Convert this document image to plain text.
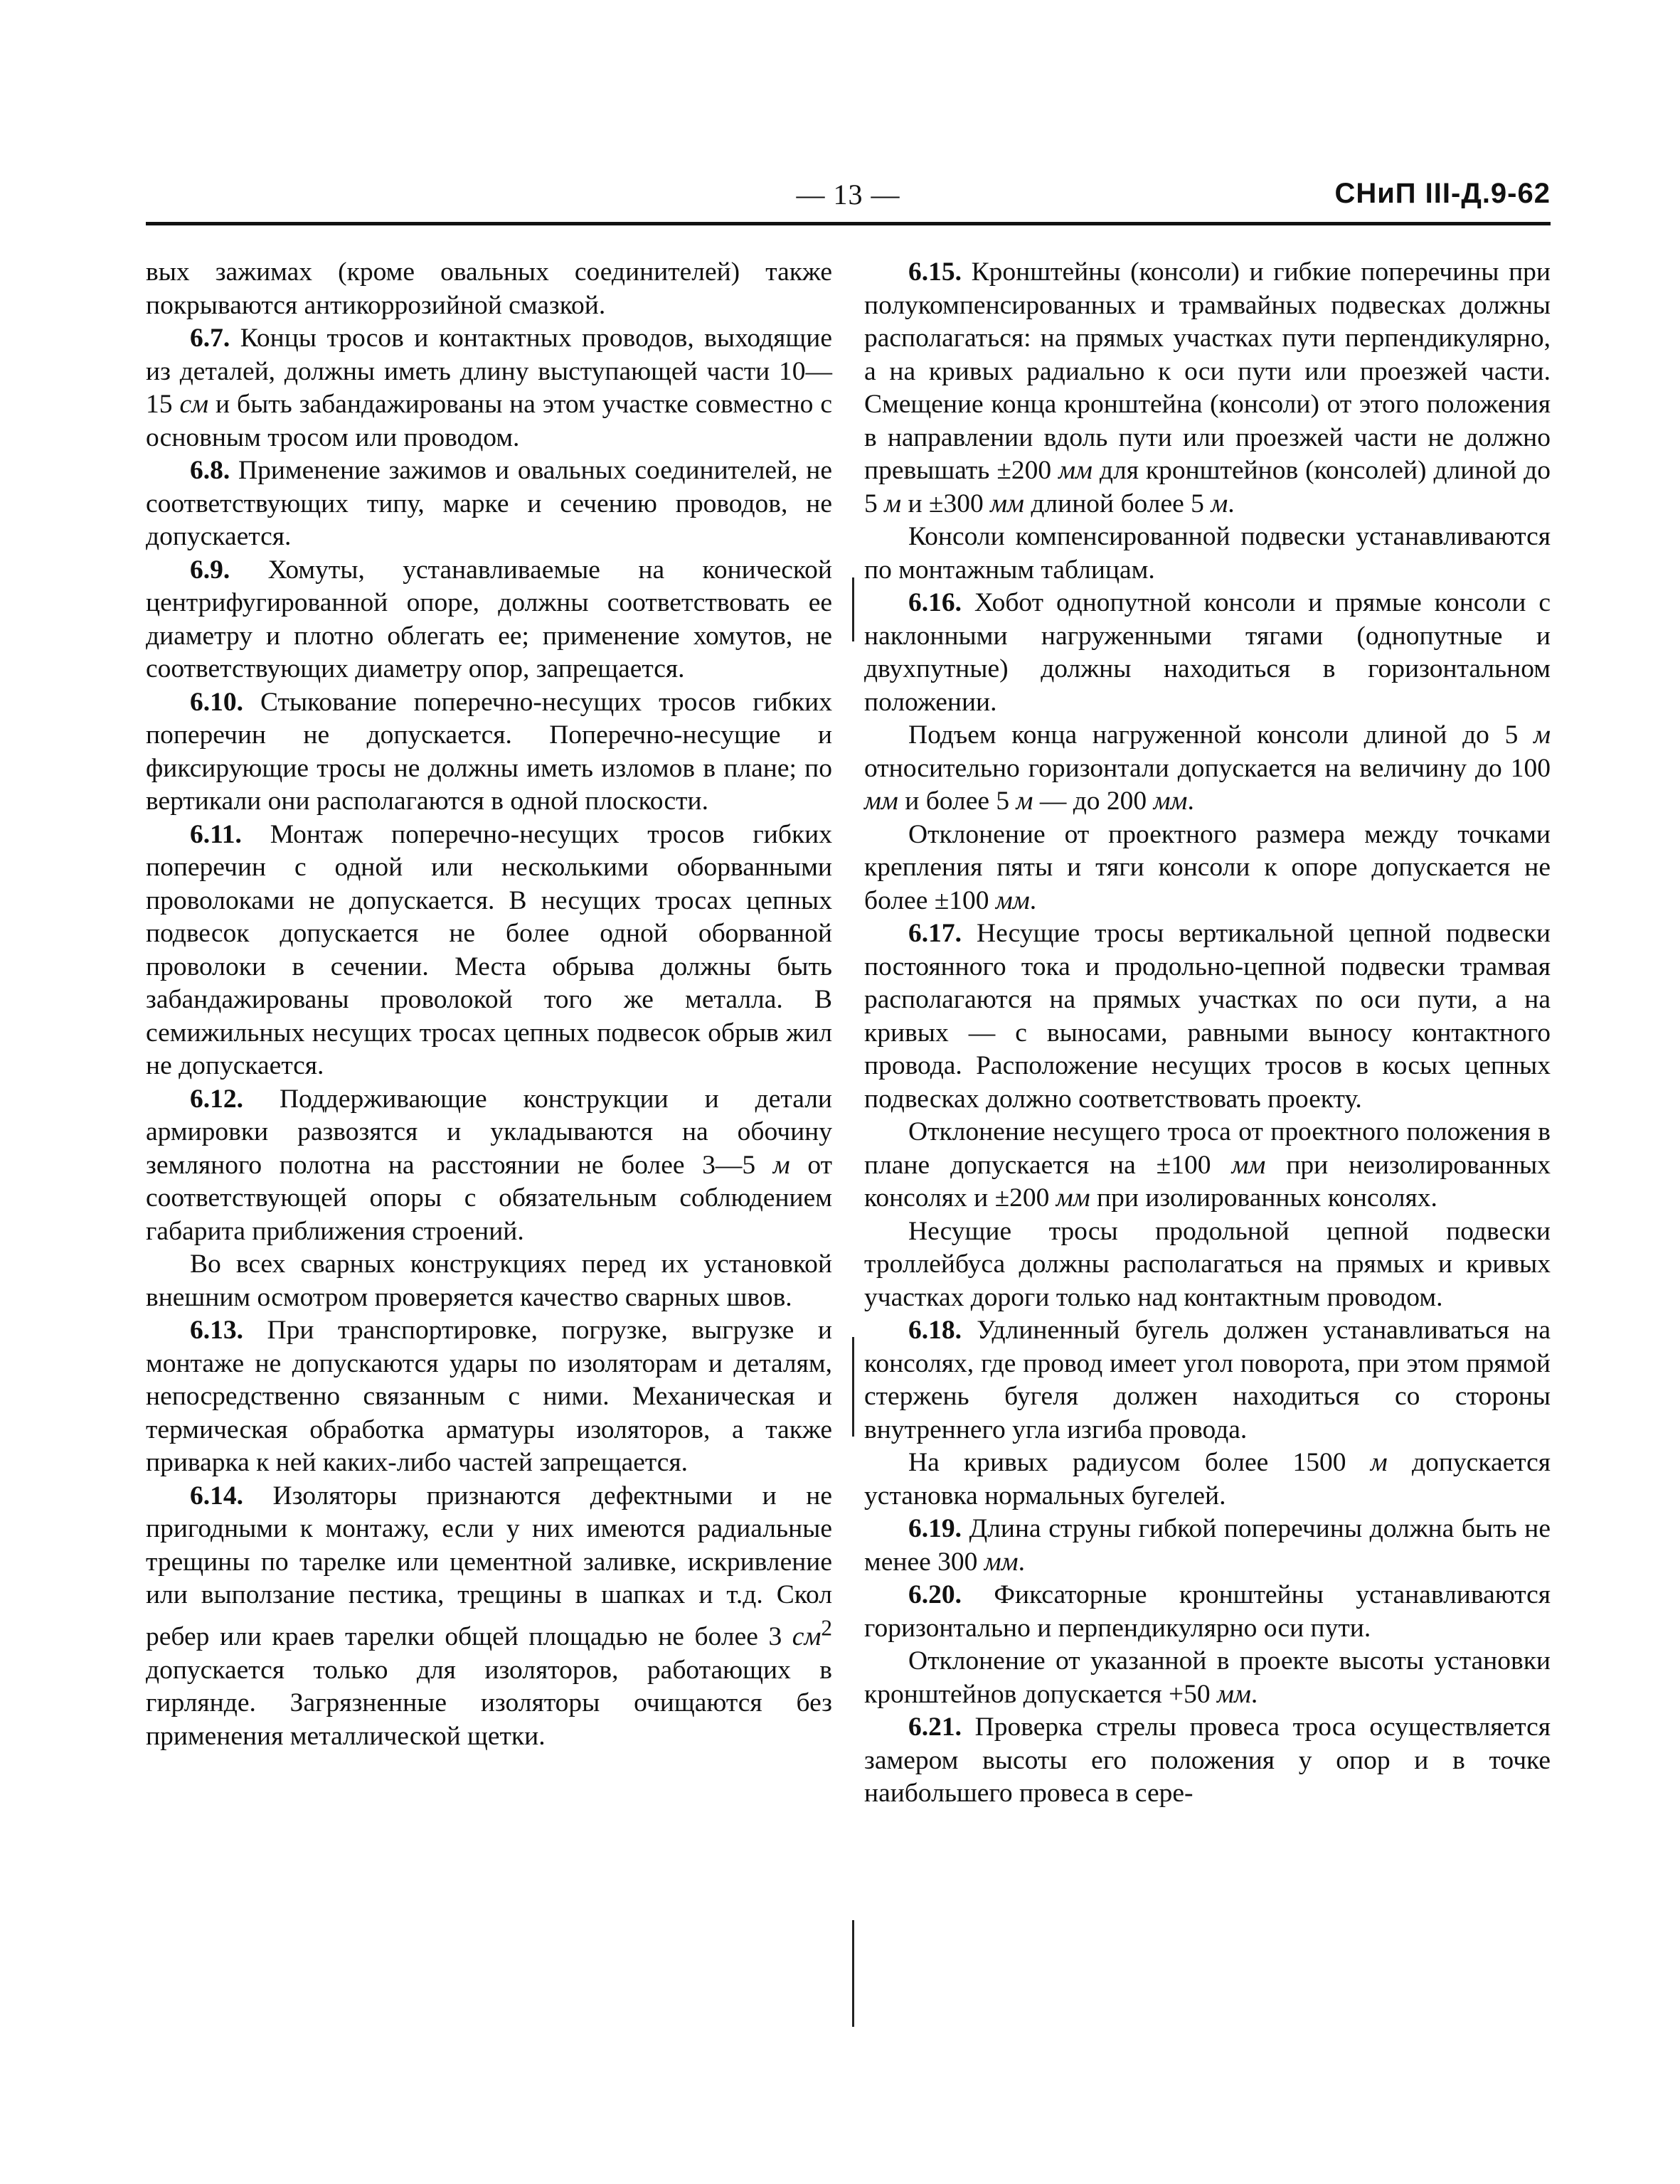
— 13 —	СНиП III-Д.9-62

вых зажимах (кроме овальных соединителей) также покрываются антикоррозийной смазкой.

6.7. Концы тросов и контактных проводов, выходящие из деталей, должны иметь длину выступающей части 10—15 см и быть забандажированы на этом участке совместно с основным тросом или проводом.

6.8. Применение зажимов и овальных соединителей, не соответствующих типу, марке и сечению проводов, не допускается.

6.9. Хомуты, устанавливаемые на коничеcкой центрифугированной опоре, должны соответствовать ее диаметру и плотно облегать ее; применение хомутов, не соответствующих диаметру опор, запрещается.

6.10. Стыкование поперечно-несущих тросов гибких поперечин не допускается. Поперечно-несущие и фиксирующие тросы не должны иметь изломов в плане; по вертикали они располагаются в одной плоскости.

6.11. Монтаж поперечно-несущих тросов гибких поперечин с одной или несколькими оборванными проволоками не допускается. В несущих тросах цепных подвесок допускается не более одной оборванной проволоки в сечении. Места обрыва должны быть забандажированы проволокой того же металла. В семижильных несущих тросах цепных подвесок обрыв жил не допускается.

6.12. Поддерживающие конструкции и детали армировки развозятся и укладываются на обочину земляного полотна на расстоянии не более 3—5 м от соответствующей опоры с обязательным соблюдением габарита приближения строений.

Во всех сварных конструкциях перед их установкой внешним осмотром проверяется качество сварных швов.

6.13. При транспортировке, погрузке, выгрузке и монтаже не допускаются удары по изоляторам и деталям, непосредственно связанным с ними. Механическая и термическая обработка арматуры изоляторов, а также приварка к ней каких-либо частей запрещается.

6.14. Изоляторы признаются дефектными и не пригодными к монтажу, если у них имеются радиальные трещины по тарелке или цементной заливке, искривление или выползание пестика, трещины в шапках и т.д. Скол ребер или краев тарелки общей площадью не более 3 $см^2$ допускается только для изоляторов, работающих в гирлянде. Загрязненные изоляторы очищаются без применения металлической щетки.

6.15. Кронштейны (консоли) и гибкие поперечины при полукомпенсированных и трамвайных подвесках должны располагаться: на прямых участках пути перпендикулярно, а на кривых радиально к оси пути или проезжей части. Смещение конца кронштейна (консоли) от этого положения в направлении вдоль пути или проезжей части не должно превышать ±200 мм для кронштейнов (консолей) длиной до 5 м и ±300 мм длиной более 5 м.

Консоли компенсированной подвески устанавливаются по монтажным таблицам.

6.16. Хобот однопутной консоли и прямые консоли с наклонными нагруженными тягами (однопутные и двухпутные) должны находиться в горизонтальном положении.

Подъем конца нагруженной консоли длиной до 5 м относительно горизонтали допускается на величину до 100 мм и более 5 м — до 200 мм.

Отклонение от проектного размера между точками крепления пяты и тяги консоли к опоре допускается не более ±100 мм.

6.17. Несущие тросы вертикальной цепной подвески постоянного тока и продольно-цепной подвески трамвая располагаются на прямых участках по оси пути, а на кривых — с выносами, равными выносу контактного провода. Расположение несущих тросов в косых цепных подвесках должно соответствовать проекту.

Отклонение несущего троса от проектного положения в плане допускается на ±100 мм при неизолированных консолях и ±200 мм при изолированных консолях.

Несущие тросы продольной цепной подвески троллейбуса должны располагаться на прямых и кривых участках дороги только над контактным проводом.

6.18. Удлиненный бугель должен устанавливаться на консолях, где провод имеет угол поворота, при этом прямой стержень бугеля должен находиться со стороны внутреннего угла изгиба провода.

На кривых радиусом более 1500 м допускается установка нормальных бугелей.

6.19. Длина струны гибкой поперечины должна быть не менее 300 мм.

6.20. Фиксаторные кронштейны устанавливаются горизонтально и перпендикулярно оси пути.

Отклонение от указанной в проекте высоты установки кронштейнов допускается +50 мм.

6.21. Проверка стрелы провеса троса осуществляется замером высоты его положения у опор и в точке наибольшего провеса в сере-
